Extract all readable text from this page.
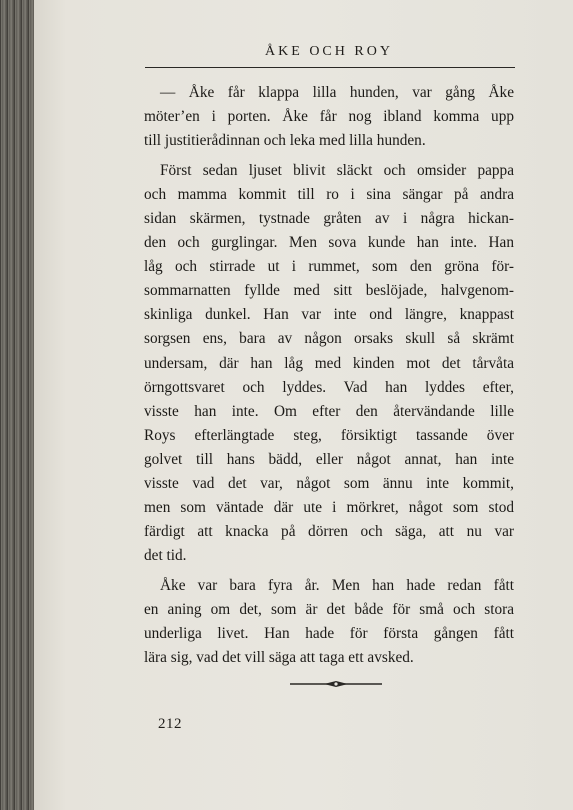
ÅKE OCH ROY
— Åke får klappa lilla hunden, var gång Åke
möter’en i porten. Åke får nog ibland komma upp
till justitierådinnan och leka med lilla hunden.
Först sedan ljuset blivit släckt och omsider pappa
och mamma kommit till ro i sina sängar på andra
sidan skärmen, tystnade gråten av i några hickan-
den och gurglingar. Men sova kunde han inte. Han
låg och stirrade ut i rummet, som den gröna för-
sommarnatten fyllde med sitt beslöjade, halvgenom-
skinliga dunkel. Han var inte ond längre, knappast
sorgsen ens, bara av någon orsaks skull så skrämt
undersam, där han låg med kinden mot det tårvåta
örngottsvaret och lyddes. Vad han lyddes efter,
visste han inte. Om efter den återvändande lille
Roys efterlängtade steg, försiktigt tassande över
golvet till hans bädd, eller något annat, han inte
visste vad det var, något som ännu inte kommit,
men som väntade där ute i mörkret, något som stod
färdigt att knacka på dörren och säga, att nu var
det tid.
Åke var bara fyra år. Men han hade redan fått
en aning om det, som är det både för små och stora
underliga livet. Han hade för första gången fått
lära sig, vad det vill säga att taga ett avsked.
212
